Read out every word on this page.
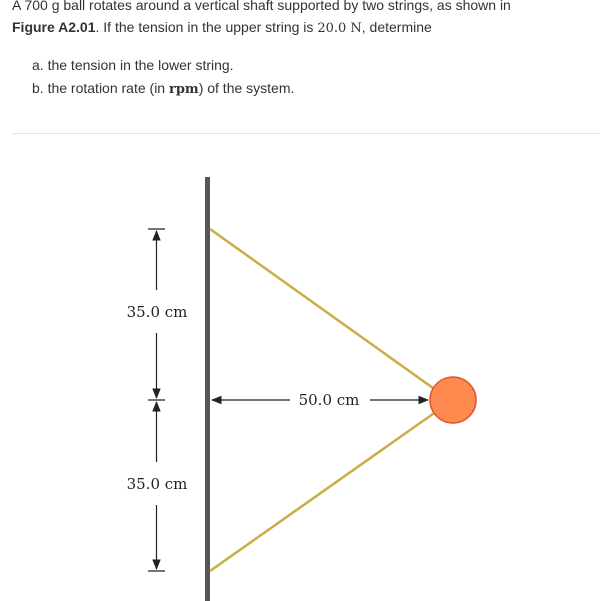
A 700 g ball rotates around a vertical shaft supported by two strings, as shown in
Figure A2.01. If the tension in the upper string is 20.0 N, determine

a. the tension in the lower string.
b. the rotation rate (in rpm) of the system.
35.0 cm
35.0 cm
50.0 cm
